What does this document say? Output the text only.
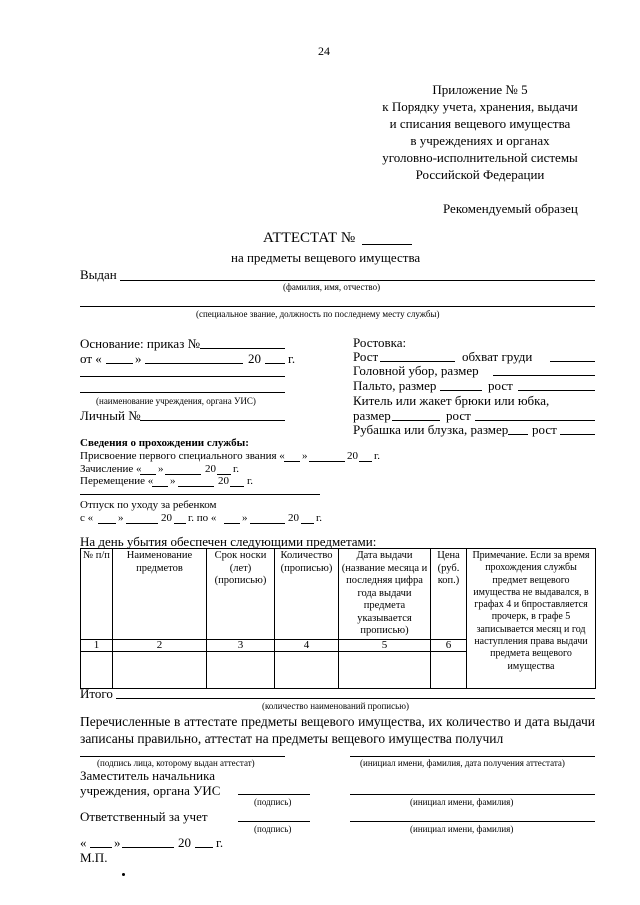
24
Приложение № 5
к Порядку учета, хранения, выдачи
и списания вещевого имущества
в учреждениях и органах
уголовно-исполнительной системы
Российской Федерации
Рекомендуемый образец
АТТЕСТАТ №
на предметы вещевого имущества
Выдан
(фамилия, имя, отчество)
(специальное звание, должность по последнему месту службы)
Основание: приказ №
от «	»	20 г.
(наименование учреждения, органа УИС)
Личный №
Ростовка:
Рост	обхват груди
Головной убор, размер
Пальто, размер	рост
Китель или жакет брюки или юбка,
размер	рост
Рубашка или блузка, размер рост
Сведения о прохождении службы:
Присвоение первого специального звания « »	20 г.
Зачисление « »	20 г.
Перемещение « »	20 г.
Отпуск по уходу за ребенком
с « »	20 г. по « »	20 г.
На день убытия обеспечен следующими предметами:
№ п/п	Наименование предметов	Срок носки (лет) (прописью)	Количество (прописью)	Дата выдачи (название месяца и последняя цифра года выдачи предмета указывается прописью)	Цена (руб. коп.)	Примечание. Если за время прохождения службы предмет вещевого имущества не выдавался, в графах 4 и 6проставляется прочерк, в графе 5 записывается месяц и год наступления права выдачи предмета вещевого имущества
1	2	3	4	5	6	

Итого
(количество наименований прописью)
Перечисленные в аттестате предметы вещевого имущества, их количество и дата выдачи
записаны правильно, аттестат на предметы вещевого имущества получил
(подпись лица, которому выдан аттестат)	(инициал имени, фамилия, дата получения аттестата)
Заместитель начальника
учреждения, органа УИС
(подпись)	(инициал имени, фамилия)
Ответственный за учет
(подпись)	(инициал имени, фамилия)
« »	20 г.
М.П.
